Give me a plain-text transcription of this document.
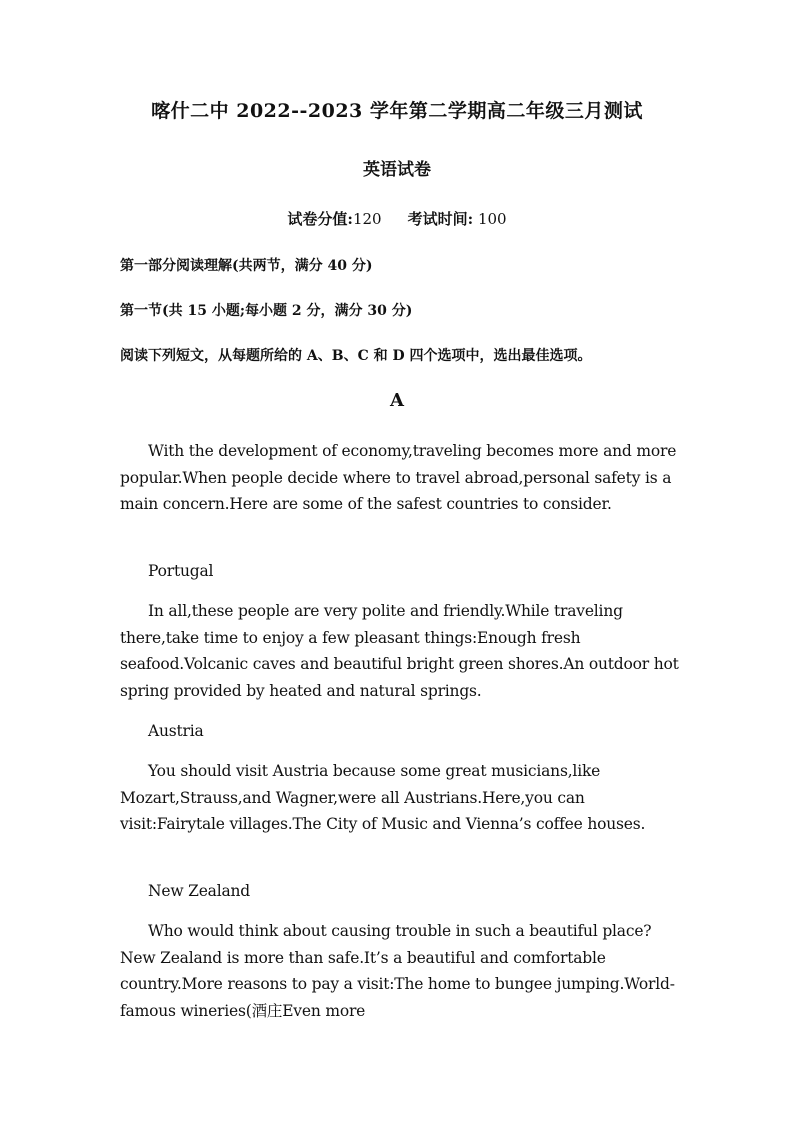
喀什二中 2022--2023 学年第二学期高二年级三月测试
英语试卷
试卷分值:120 考试时间: 100
第一部分阅读理解(共两节，满分 40 分)
第一节(共 15 小题;每小题 2 分，满分 30 分)
阅读下列短文，从每题所给的 A、B、C 和 D 四个选项中，选出最佳选项。
A

With the development of economy,traveling becomes more and more popular.When people decide where to travel abroad,personal safety is a main concern.Here are some of the safest countries to consider.

Portugal

In all,these people are very polite and friendly.While traveling there,take time to enjoy a few pleasant things:Enough fresh seafood.Volcanic caves and beautiful bright green shores.An outdoor hot spring provided by heated and natural springs.

Austria

You should visit Austria because some great musicians,like Mozart,Strauss,and Wagner,were all Austrians.Here,you can visit:Fairytale villages.The City of Music and Vienna’s coffee houses.

New Zealand

Who would think about causing trouble in such a beautiful place? New Zealand is more than safe.It’s a beautiful and comfortable country.More reasons to pay a visit:The home to bungee jumping.World-famous wineries(酒庄Even more
